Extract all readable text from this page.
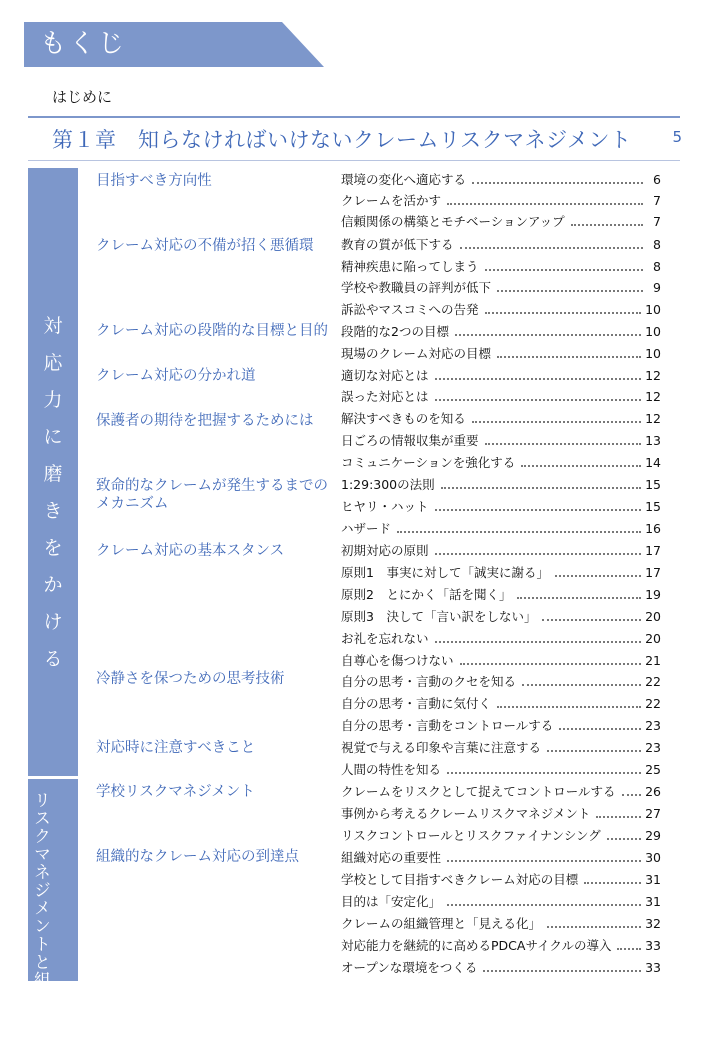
もくじ
はじめに
第１章　知らなければいけないクレームリスクマネジメント	5
対
応
力
に
磨
き
を
か
け
る
リスクマネジメントと組織対応
目指すべき方向性
クレーム対応の不備が招く悪循環
クレーム対応の段階的な目標と目的
クレーム対応の分かれ道
保護者の期待を把握するためには
致命的なクレームが発生するまでの
メカニズム
クレーム対応の基本スタンス
冷静さを保つための思考技術
対応時に注意すべきこと
学校リスクマネジメント
組織的なクレーム対応の到達点
環境の変化へ適応する	6
クレームを活かす	7
信頼関係の構築とモチベーションアップ	7
教育の質が低下する	8
精神疾患に陥ってしまう	8
学校や教職員の評判が低下	9
訴訟やマスコミへの告発	10
段階的な2つの目標	10
現場のクレーム対応の目標	10
適切な対応とは	12
誤った対応とは	12
解決すべきものを知る	12
日ごろの情報収集が重要	13
コミュニケーションを強化する	14
1:29:300の法則	15
ヒヤリ・ハット	15
ハザード	16
初期対応の原則	17
原則1　事実に対して「誠実に謝る」	17
原則2　とにかく「話を聞く」	19
原則3　決して「言い訳をしない」	20
お礼を忘れない	20
自尊心を傷つけない	21
自分の思考・言動のクセを知る	22
自分の思考・言動に気付く	22
自分の思考・言動をコントロールする	23
視覚で与える印象や言葉に注意する	23
人間の特性を知る	25
クレームをリスクとして捉えてコントロールする 26
事例から考えるクレームリスクマネジメント	27
リスクコントロールとリスクファイナンシング	29
組織対応の重要性	30
学校として目指すべきクレーム対応の目標	31
目的は「安定化」	31
クレームの組織管理と「見える化」	32
対応能力を継続的に高めるPDCAサイクルの導入	33
オープンな環境をつくる	33
